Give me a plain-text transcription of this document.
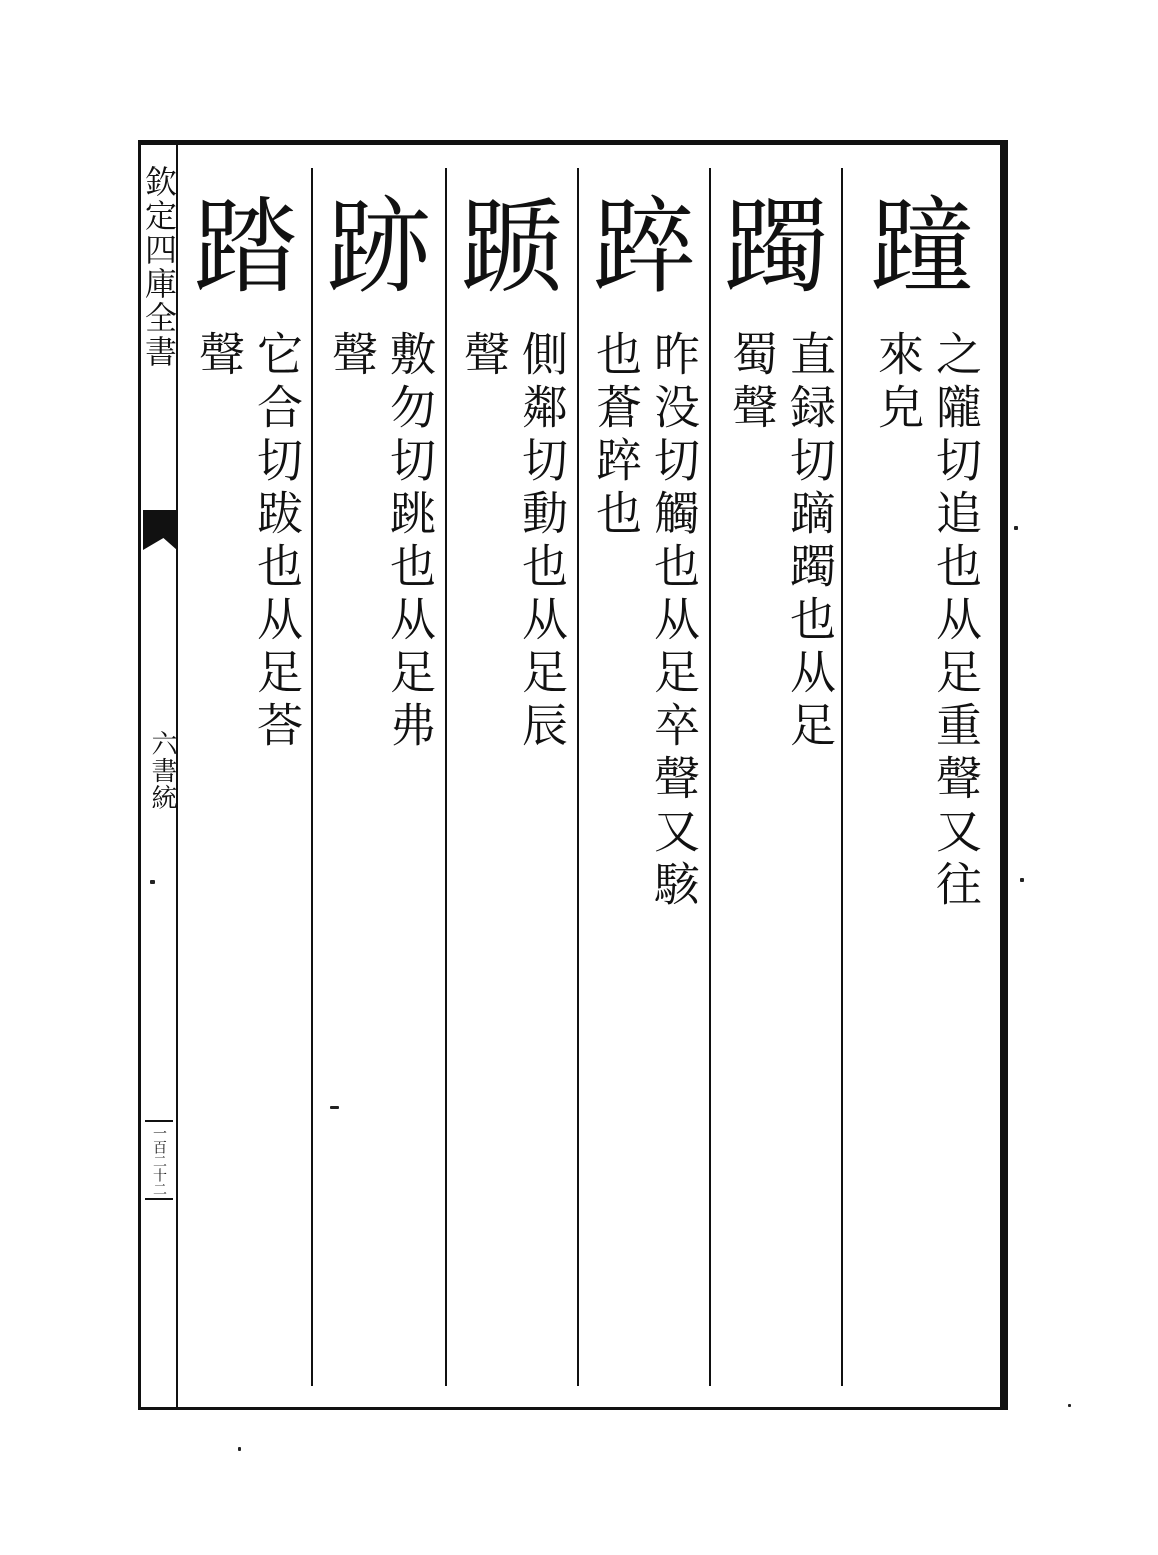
欽定四庫全書
六書統
一百二十二
蹱
之隴切追也从足重聲又往來皃
躅
直録切蹢躅也从足蜀聲
踤
昨没切觸也从足卒聲又駭也蒼踤也
踬
側鄰切動也从足辰聲
跡
敷勿切跳也从足弗聲
踏
它合切跋也从足荅聲
